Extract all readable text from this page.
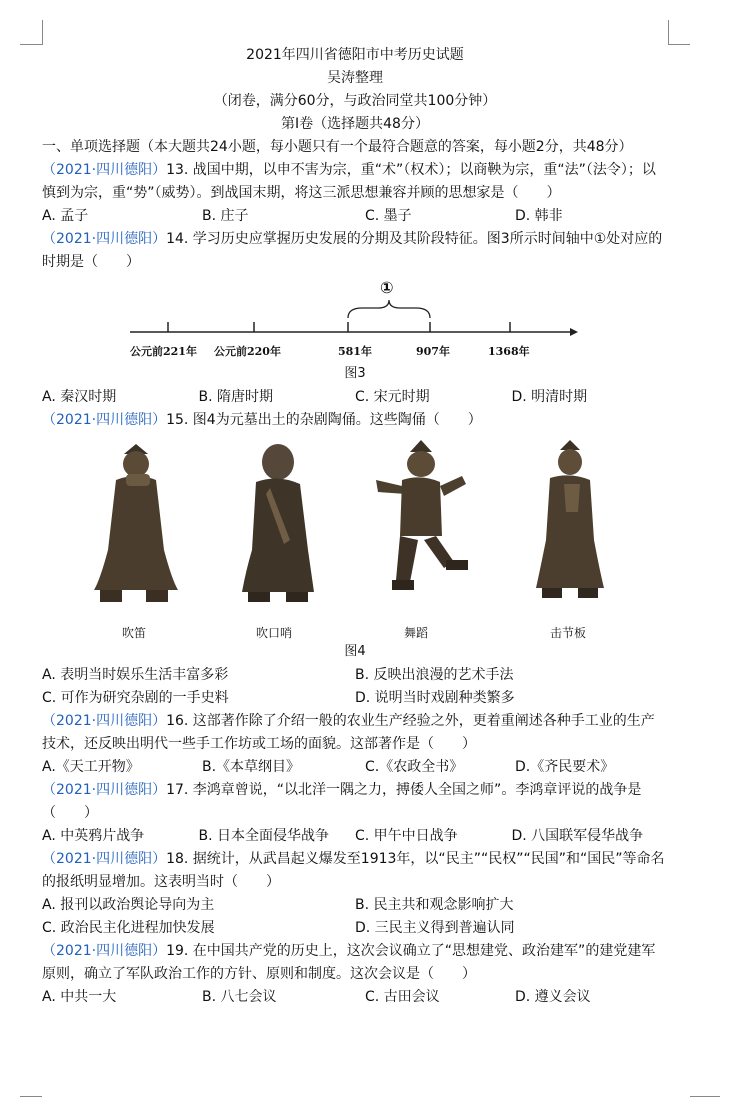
2021年四川省德阳市中考历史试题

吴涛整理

（闭卷，满分60分，与政治同堂共100分钟）

第Ⅰ卷（选择题共48分）

一、单项选择题（本大题共24小题，每小题只有一个最符合题意的答案，每小题2分，共48分）

（2021·四川德阳）13. 战国中期，以申不害为宗，重“术”（权术）；以商鞅为宗，重“法”（法令）；以慎到为宗，重“势”（威势）。到战国末期，将这三派思想兼容并顾的思想家是（　　）

A. 孟子	B. 庄子	C. 墨子	D. 韩非

（2021·四川德阳）14. 学习历史应掌握历史发展的分期及其阶段特征。图3所示时间轴中①处对应的时期是（　　）

①
公元前221年 公元前220年	581年	907年	1368年
图3
A. 秦汉时期	B. 隋唐时期	C. 宋元时期	D. 明清时期

（2021·四川德阳）15. 图4为元墓出土的杂剧陶俑。这些陶俑（　　）

吹笛	吹口哨	舞蹈	击节板
图4
A. 表明当时娱乐生活丰富多彩	B. 反映出浪漫的艺术手法
C. 可作为研究杂剧的一手史料	D. 说明当时戏剧种类繁多

（2021·四川德阳）16. 这部著作除了介绍一般的农业生产经验之外，更着重阐述各种手工业的生产技术，还反映出明代一些手工作坊或工场的面貌。这部著作是（　　）

A.《天工开物》	B.《本草纲目》	C.《农政全书》	D.《齐民要术》

（2021·四川德阳）17. 李鸿章曾说，“以北洋一隅之力，搏倭人全国之师”。李鸿章评说的战争是（　　）

A. 中英鸦片战争	B. 日本全面侵华战争	C. 甲午中日战争	D. 八国联军侵华战争

（2021·四川德阳）18. 据统计，从武昌起义爆发至1913年，以“民主”“民权”“民国”和“国民”等命名的报纸明显增加。这表明当时（　　）

A. 报刊以政治舆论导向为主	B. 民主共和观念影响扩大
C. 政治民主化进程加快发展	D. 三民主义得到普遍认同

（2021·四川德阳）19. 在中国共产党的历史上，这次会议确立了“思想建党、政治建军”的建党建军原则，确立了军队政治工作的方针、原则和制度。这次会议是（　　）

A. 中共一大	B. 八七会议	C. 古田会议	D. 遵义会议
